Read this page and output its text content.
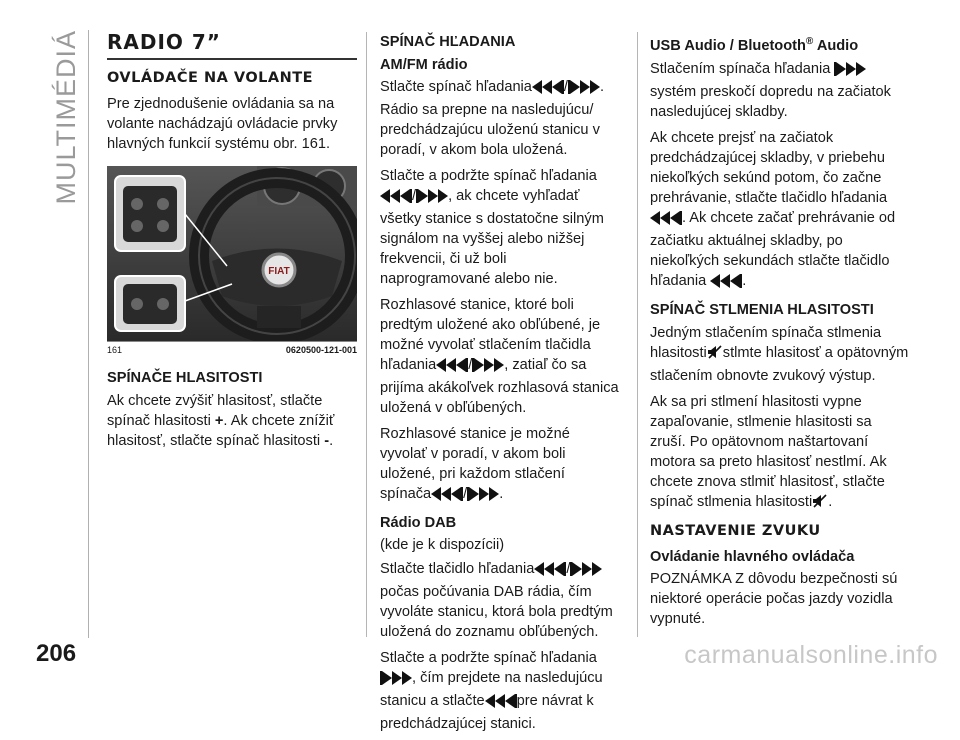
MULTIMÉDIÁ RADIO 7”
OVLÁDAČE NA VOLANTE

Pre zjednodušenie ovládania sa na volante nachádzajú ovládacie prvky hlavných funkcií systému obr. 161.

FIAT
161	0620500-121-001
SPÍNAČE HLASITOSTI

Ak chcete zvýšiť hlasitosť, stlačte spínač hlasitosti +. Ak chcete znížiť hlasitosť, stlačte spínač hlasitosti -.

SPÍNAČ HĽADANIA
AM/FM rádio

Stlačte spínač hľadania / . Rádio sa prepne na nasledujúcu/ predchádzajúcu uloženú stanicu v poradí, v akom bola uložená.

Stlačte a podržte spínač hľadania/ , ak chcete vyhľadať všetky stanice s dostatočne silným signálom na vyššej alebo nižšej frekvencii, či už boli naprogramované alebo nie.

Rozhlasové stanice, ktoré boli predtým uložené ako obľúbené, je možné vyvolať stlačením tlačidla hľadania / , zatiaľ čo sa prijíma akákoľvek rozhlasová stanica uložená v obľúbených.

Rozhlasové stanice je možné vyvolať v poradí, v akom boli uložené, pri každom stlačení spínača / .

Rádio DAB

(kde je k dispozícii)

Stlačte tlačidlo hľadania /počas počúvania DAB rádia, čím vyvoláte stanicu, ktorá bola predtým uložená do zoznamu obľúbených.

Stlačte a podržte spínač hľadania, čím prejdete na nasledujúcu stanicu a stlačte pre návrat k predchádzajúcej stanici.

USB Audio / Bluetooth® Audio

Stlačením spínača hľadania systém preskočí dopredu na začiatok nasledujúcej skladby.

Ak chcete prejsť na začiatok predchádzajúcej skladby, v priebehu niekoľkých sekúnd potom, čo začne prehrávanie, stlačte tlačidlo hľadania . Ak chcete začať prehrávanie od začiatku aktuálnej skladby, po niekoľkých sekundách stlačte tlačidlo hľadania .

SPÍNAČ STLMENIA HLASITOSTI

Jedným stlačením spínača stlmenia hlasitosti stlmte hlasitosť a opätovným stlačením obnovte zvukový výstup.

Ak sa pri stlmení hlasitosti vypne zapaľovanie, stlmenie hlasitosti sa zruší. Po opätovnom naštartovaní motora sa preto hlasitosť nestlmí. Ak chcete znova stlmiť hlasitosť, stlačte spínač stlmenia hlasitosti .

NASTAVENIE ZVUKU
Ovládanie hlavného ovládača

POZNÁMKA Z dôvodu bezpečnosti sú niektoré operácie počas jazdy vozidla vypnuté.

206	carmanualsonline.info
